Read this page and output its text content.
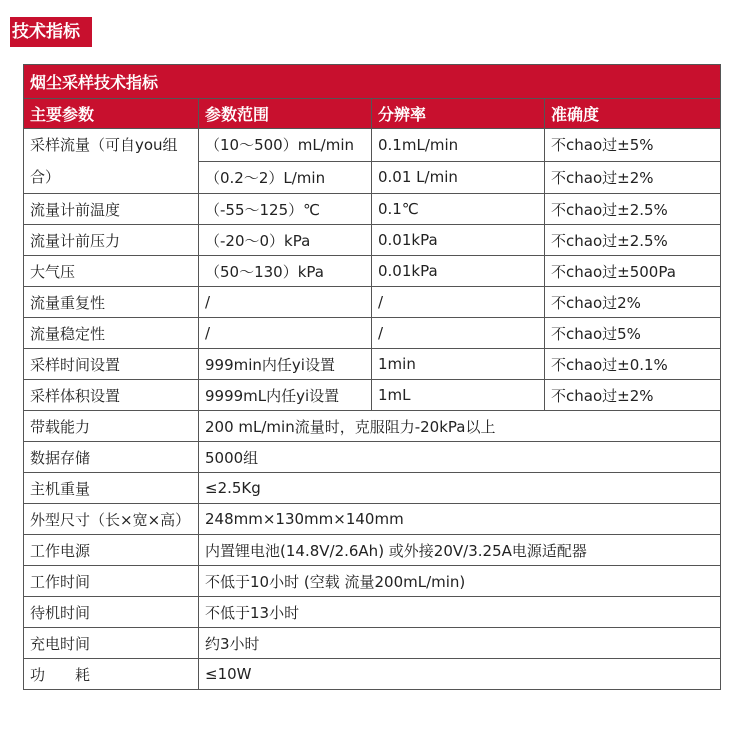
技术指标
烟尘采样技术指标			
主要参数	参数范围	分辨率	准确度
采样流量（可自you组合）	（10～500）mL/min	0.1mL/min	不chao过±5%
	（0.2～2）L/min	0.01 L/min	不chao过±2%
流量计前温度	（-55～125）℃	0.1℃	不chao过±2.5%
流量计前压力	（-20～0）kPa	0.01kPa	不chao过±2.5%
大气压	（50～130）kPa	0.01kPa	不chao过±500Pa
流量重复性	/	/	不chao过2%
流量稳定性	/	/	不chao过5%
采样时间设置	999min内任yi设置	1min	不chao过±0.1%
采样体积设置	9999mL内任yi设置	1mL	不chao过±2%
带载能力	200 mL/min流量时，克服阻力-20kPa以上		
数据存储	5000组		
主机重量	≤2.5Kg		
外型尺寸（长×宽×高）	248mm×130mm×140mm		
工作电源	内置锂电池(14.8V/2.6Ah) 或外接20V/3.25A电源适配器		
工作时间	不低于10小时 (空载 流量200mL/min)		
待机时间	不低于13小时		
充电时间	约3小时		
功　　耗	≤10W		
